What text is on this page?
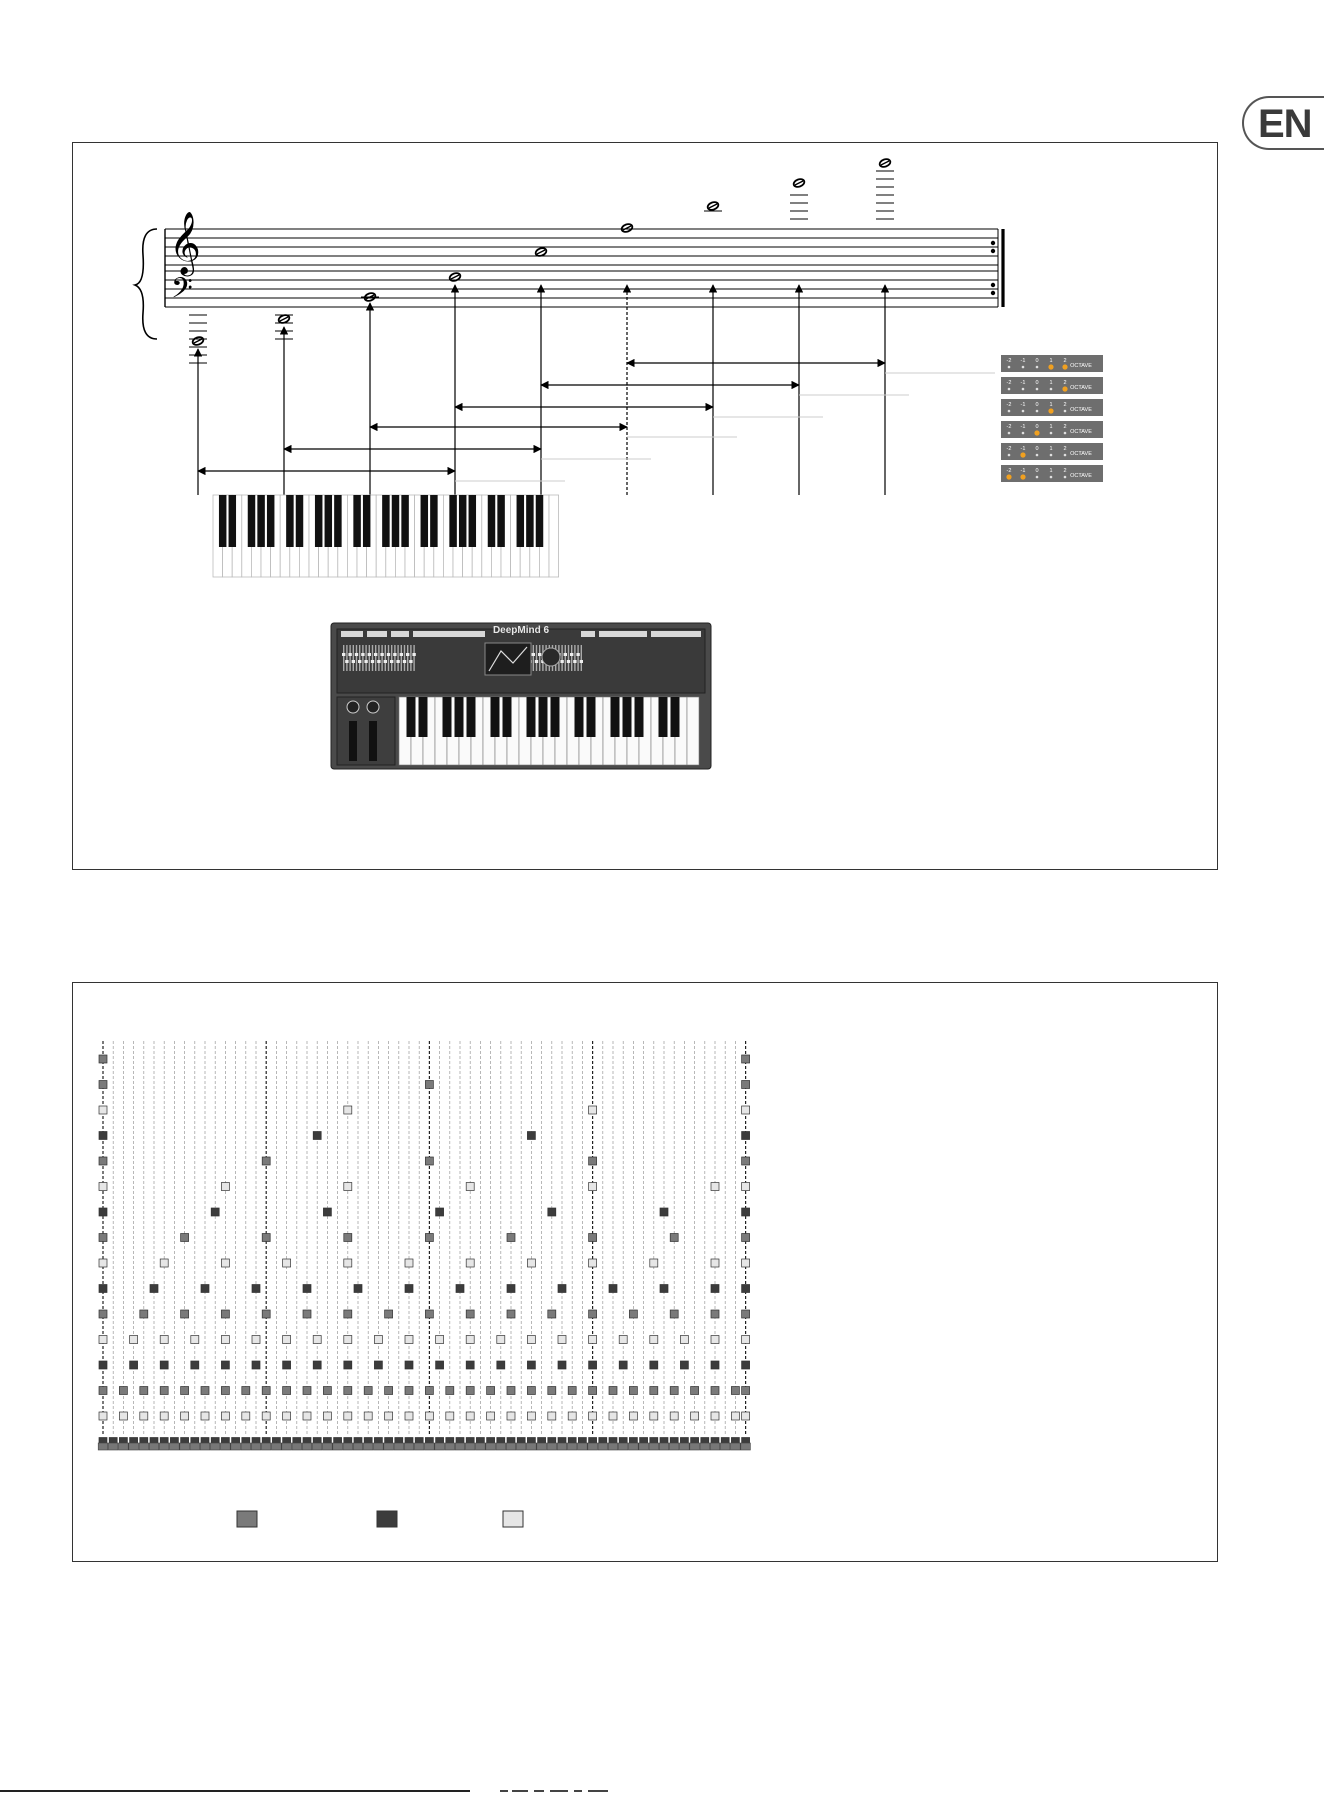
EN
𝄞
𝄢
-2 -1 0 1 2
OCTAVE
-2 -1 0 1 2
OCTAVE
-2 -1 0 1 2
OCTAVE
-2 -1 0 1 2
OCTAVE
-2 -1 0 1 2
OCTAVE
-2 -1 0 1 2
OCTAVE
DeepMind 6
